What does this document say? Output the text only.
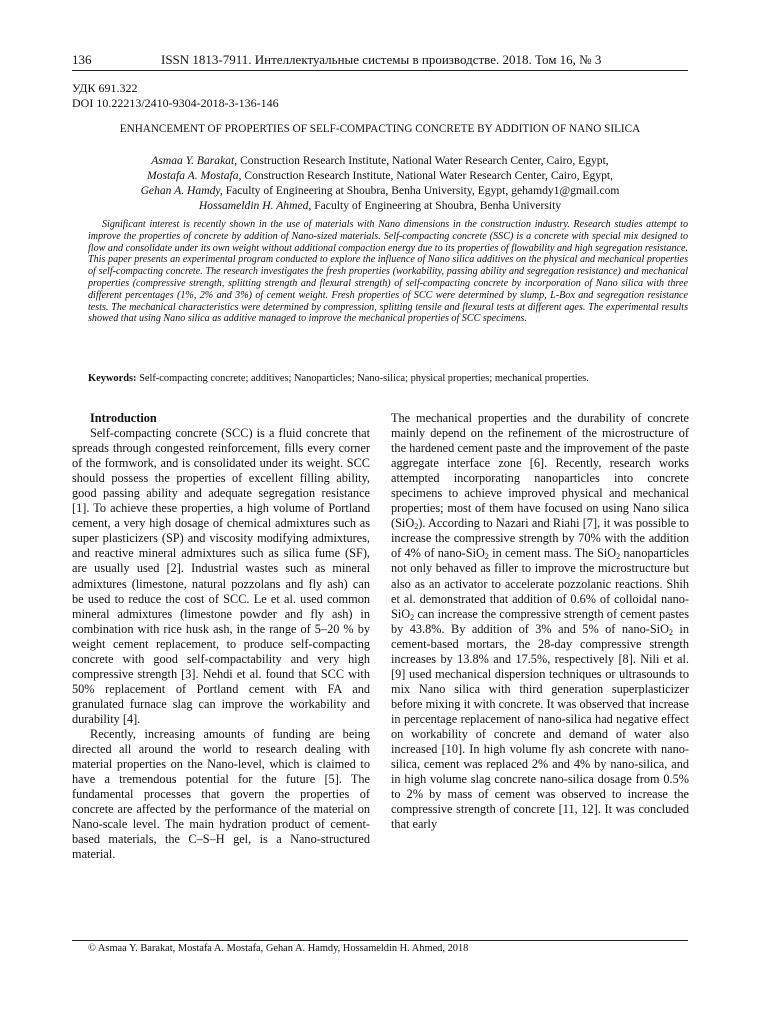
136	ISSN 1813-7911. Интеллектуальные системы в производстве. 2018. Том 16, № 3
УДК 691.322
DOI 10.22213/2410-9304-2018-3-136-146
ENHANCEMENT OF PROPERTIES OF SELF-COMPACTING CONCRETE BY ADDITION OF NANO SILICA
Asmaa Y. Barakat, Construction Research Institute, National Water Research Center, Cairo, Egypt,
Mostafa A. Mostafa, Construction Research Institute, National Water Research Center, Cairo, Egypt,
Gehan A. Hamdy, Faculty of Engineering at Shoubra, Benha University, Egypt, gehamdy1@gmail.com
Hossameldin H. Ahmed, Faculty of Engineering at Shoubra, Benha University

Significant interest is recently shown in the use of materials with Nano dimensions in the construction industry. Research studies attempt to improve the properties of concrete by addition of Nano-sized materials. Self-compacting concrete (SSC) is a concrete with special mix designed to flow and consolidate under its own weight without additional compaction energy due to its properties of flowability and high segregation resistance. This paper presents an experimental program conducted to explore the influence of Nano silica additives on the physical and mechanical properties of self-compacting concrete. The research investigates the fresh properties (workability, passing ability and segregation resistance) and mechanical properties (compressive strength, splitting strength and flexural strength) of self-compacting concrete by incorporation of Nano silica with three different percentages (1%, 2% and 3%) of cement weight. Fresh properties of SCC were determined by slump, L-Box and segregation resistance tests. The mechanical characteristics were determined by compression, splitting tensile and flexural tests at different ages. The experimental results showed that using Nano silica as additive managed to improve the mechanical properties of SCC specimens.

Keywords: Self-compacting concrete; additives; Nanoparticles; Nano-silica; physical properties; mechanical properties.

Introduction

Self-compacting concrete (SCC) is a fluid concrete that spreads through congested reinforcement, fills every corner of the formwork, and is consolidated under its weight. SCC should possess the properties of excellent filling ability, good passing ability and adequate segregation resistance [1]. To achieve these properties, a high volume of Portland cement, a very high dosage of chemical admixtures such as super plasticizers (SP) and viscosity modifying admixtures, and reactive mineral admixtures such as silica fume (SF), are usually used [2]. Industrial wastes such as mineral admixtures (limestone, natural pozzolans and fly ash) can be used to reduce the cost of SCC. Le et al. used common mineral admixtures (limestone powder and fly ash) in combination with rice husk ash, in the range of 5–20 % by weight cement replacement, to produce self-compacting concrete with good self-compactability and very high compressive strength [3]. Nehdi et al. found that SCC with 50% replacement of Portland cement with FA and granulated furnace slag can improve the workability and durability [4].

Recently, increasing amounts of funding are being directed all around the world to research dealing with material properties on the Nano-level, which is claimed to have a tremendous potential for the future [5]. The fundamental processes that govern the properties of concrete are affected by the performance of the material on Nano-scale level. The main hydration product of cement-based materials, the C–S–H gel, is a Nano-structured material.

The mechanical properties and the durability of concrete mainly depend on the refinement of the microstructure of the hardened cement paste and the improvement of the paste aggregate interface zone [6]. Recently, research works attempted incorporating nanoparticles into concrete specimens to achieve improved physical and mechanical properties; most of them have focused on using Nano silica (SiO$_2$). According to Nazari and Riahi [7], it was possible to increase the compressive strength by 70% with the addition of 4% of nano-SiO$_2$ in cement mass. The SiO$_2$ nanoparticles not only behaved as filler to improve the microstructure but also as an activator to accelerate pozzolanic reactions. Shih et al. demonstrated that addition of 0.6% of colloidal nano-SiO$_2$ can increase the compressive strength of cement pastes by 43.8%. By addition of 3% and 5% of nano-SiO$_2$ in cement-based mortars, the 28-day compressive strength increases by 13.8% and 17.5%, respectively [8]. Nili et al. [9] used mechanical dispersion techniques or ultrasounds to mix Nano silica with third generation superplasticizer before mixing it with concrete. It was observed that increase in percentage replacement of nano-silica had negative effect on workability of concrete and demand of water also increased [10]. In high volume fly ash concrete with nano-silica, cement was replaced 2% and 4% by nano-silica, and in high volume slag concrete nano-silica dosage from 0.5% to 2% by mass of cement was observed to increase the compressive strength of concrete [11, 12]. It was concluded that early

© Asmaa Y. Barakat, Mostafa A. Mostafa, Gehan A. Hamdy, Hossameldin H. Ahmed, 2018
